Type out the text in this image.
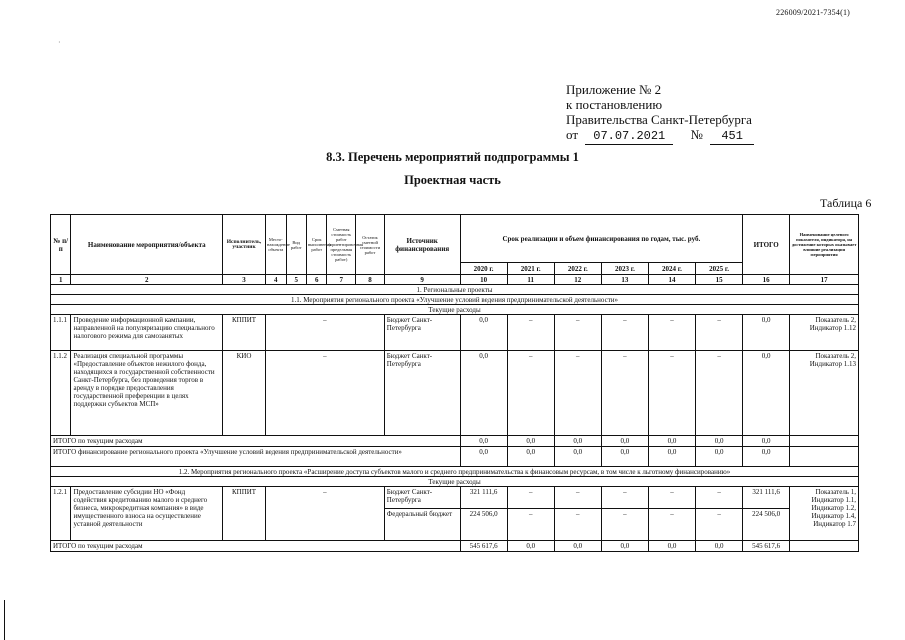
226009/2021-7354(1)
·
Приложение № 2
к постановлению
Правительства Санкт-Петербурга
от 07.07.2021 № 451
8.3. Перечень мероприятий подпрограммы 1
Проектная часть
Таблица 6
№ п/п	Наименование мероприятия/объекта	Исполнитель, участник	Место-нахождение объекта	Вид работ	Срок выполнения работ	Сметная стоимость работ (ориентировочная предельная стоимость работ)	Остаток сметной стоимости работ	Источник финансирования	Срок реализации и объем финансирования по годам, тыс. руб.						ИТОГО	Наименование целевого показателя, индикатора, на достижение которых оказывает влияние реализация мероприятия
									2020 г.	2021 г.	2022 г.	2023 г.	2024 г.	2025 г.		
1	2	3	4	5	6	7	8	9	10	11	12	13	14	15	16	17
1. Региональные проекты																
1.1. Мероприятия регионального проекта «Улучшение условий ведения предпринимательской деятельности»																
Текущие расходы																
1.1.1	Проведение информационной кампании, направленной на популяризацию специального налогового режима для самозанятых	КППИТ	–					Бюджет Санкт-Петербурга	0,0	–	–	–	–	–	0,0	Показатель 2, Индикатор 1.12
1.1.2	Реализация специальной программы «Предоставление объектов нежилого фонда, находящихся в государственной собственности Санкт-Петербурга, без проведения торгов в аренду в порядке предоставления государственной преференции в целях поддержки субъектов МСП»	КИО	–					Бюджет Санкт-Петербурга	0,0	–	–	–	–	–	0,0	Показатель 2, Индикатор 1.13
ИТОГО по текущим расходам									0,0	0,0	0,0	0,0	0,0	0,0	0,0	
ИТОГО финансирование регионального проекта «Улучшение условий ведения предпринимательской деятельности»									0,0	0,0	0,0	0,0	0,0	0,0	0,0	
1.2. Мероприятия регионального проекта «Расширение доступа субъектов малого и среднего предпринимательства к финансовым ресурсам, в том числе к льготному финансированию»																
Текущие расходы																
1.2.1	Предоставление субсидии НО «Фонд содействия кредитованию малого и среднего бизнеса, микрокредитная компания» в виде имущественного взноса на осуществление уставной деятельности	КППИТ	–					Бюджет Санкт-Петербурга	321 111,6	–	–	–	–	–	321 111,6	Показатель 1, Индикатор 1.1, Индикатор 1.2, Индикатор 1.4, Индикатор 1.7
								Федеральный бюджет	224 506,0	–	–	–	–	–	224 506,0	
ИТОГО по текущим расходам									545 617,6	0,0	0,0	0,0	0,0	0,0	545 617,6	
